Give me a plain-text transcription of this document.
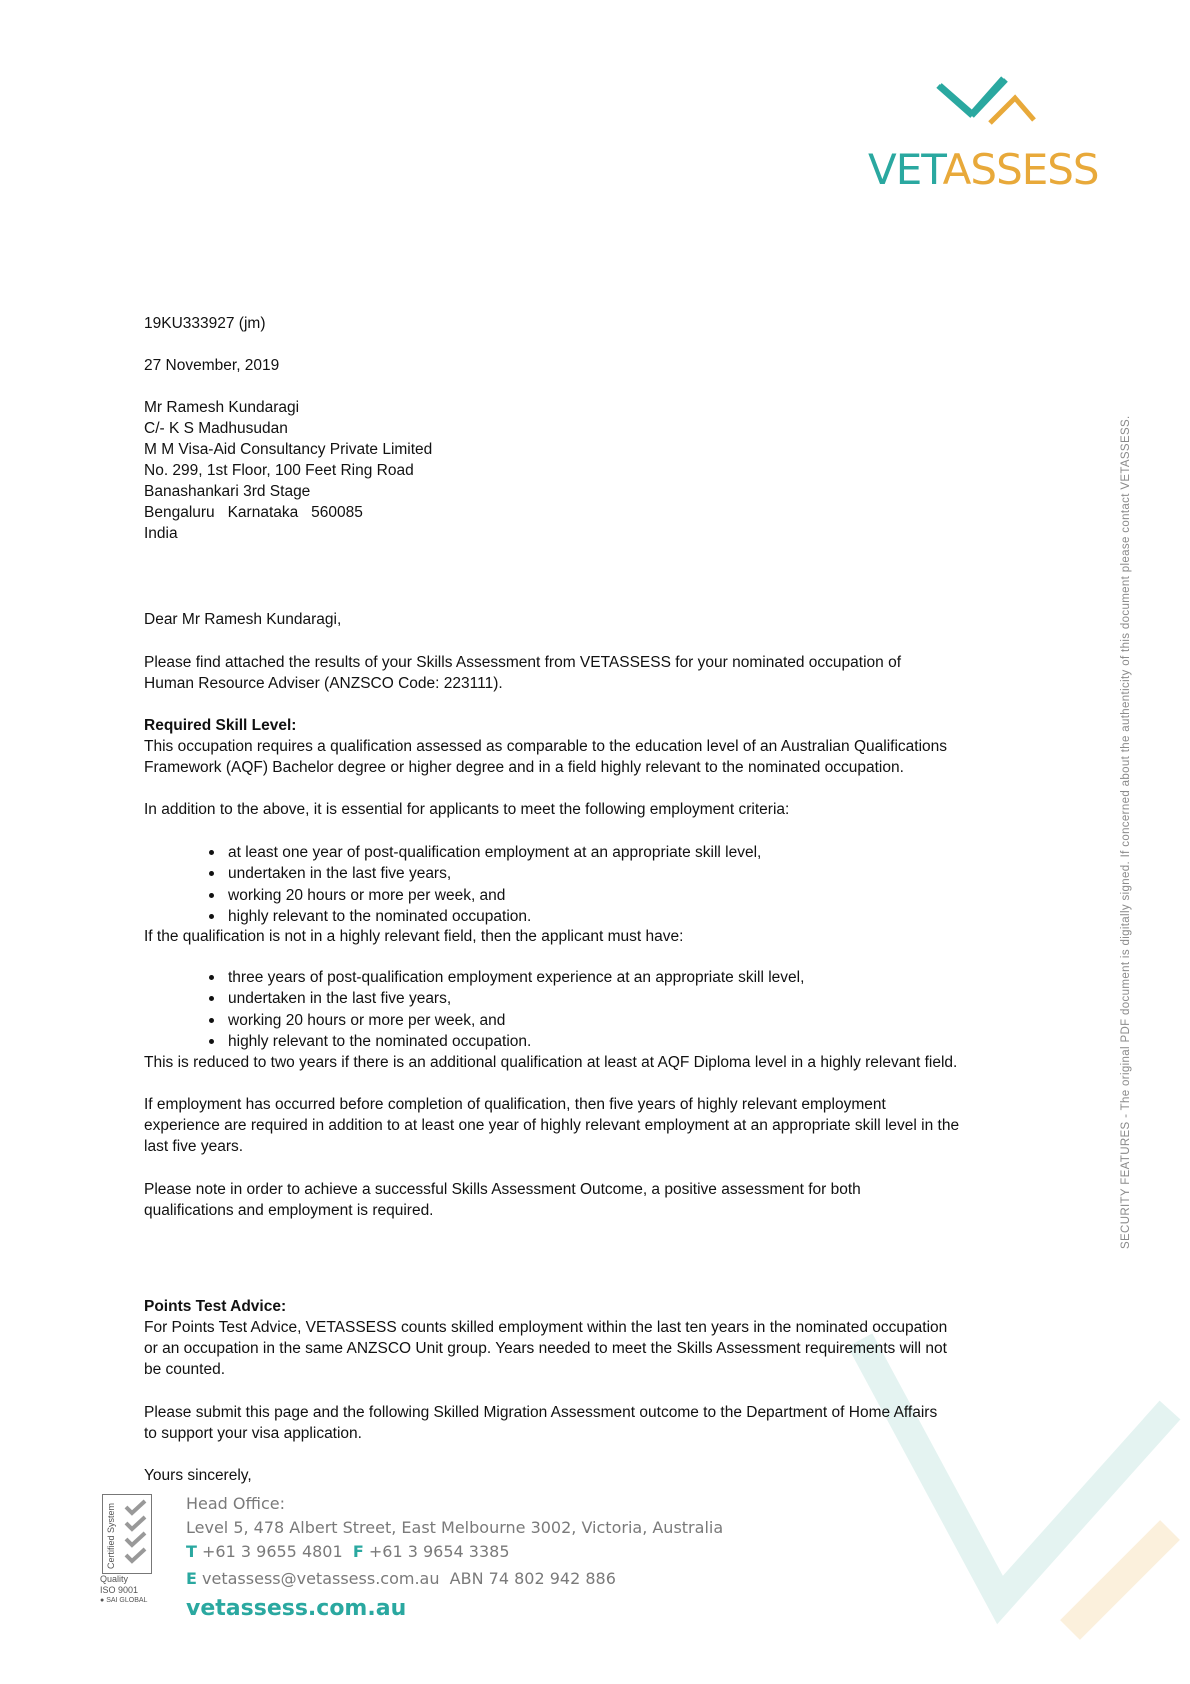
VETASSESS
19KU333927 (jm)
27 November, 2019
Mr Ramesh Kundaragi
C/- K S Madhusudan
M M Visa-Aid Consultancy Private Limited
No. 299, 1st Floor, 100 Feet Ring Road
Banashankari 3rd Stage
Bengaluru   Karnataka   560085
India
Dear Mr Ramesh Kundaragi,
Please find attached the results of your Skills Assessment from VETASSESS for your nominated occupation of
Human Resource Adviser (ANZSCO Code: 223111).
Required Skill Level:
This occupation requires a qualification assessed as comparable to the education level of an Australian Qualifications
Framework (AQF) Bachelor degree or higher degree and in a field highly relevant to the nominated occupation.
In addition to the above, it is essential for applicants to meet the following employment criteria:
at least one year of post-qualification employment at an appropriate skill level,
undertaken in the last five years,
working 20 hours or more per week, and
highly relevant to the nominated occupation.
If the qualification is not in a highly relevant field, then the applicant must have:
three years of post-qualification employment experience at an appropriate skill level,
undertaken in the last five years,
working 20 hours or more per week, and
highly relevant to the nominated occupation.
This is reduced to two years if there is an additional qualification at least at AQF Diploma level in a highly relevant field.
If employment has occurred before completion of qualification, then five years of highly relevant employment
experience are required in addition to at least one year of highly relevant employment at an appropriate skill level in the
last five years.
Please note in order to achieve a successful Skills Assessment Outcome, a positive assessment for both
qualifications and employment is required.
Points Test Advice:
For Points Test Advice, VETASSESS counts skilled employment within the last ten years in the nominated occupation
or an occupation in the same ANZSCO Unit group. Years needed to meet the Skills Assessment requirements will not
be counted.
Please submit this page and the following Skilled Migration Assessment outcome to the Department of Home Affairs
to support your visa application.
Yours sincerely,
SECURITY FEATURES - The original PDF document is digitally signed. If concerned about the authenticity of this document please contact VETASSESS.
Certified System
Quality
ISO 9001
● SAI GLOBAL
Head Office:
Level 5, 478 Albert Street, East Melbourne 3002, Victoria, Australia
T +61 3 9655 4801 F +61 3 9654 3385
E vetassess@vetassess.com.au ABN 74 802 942 886
vetassess.com.au
